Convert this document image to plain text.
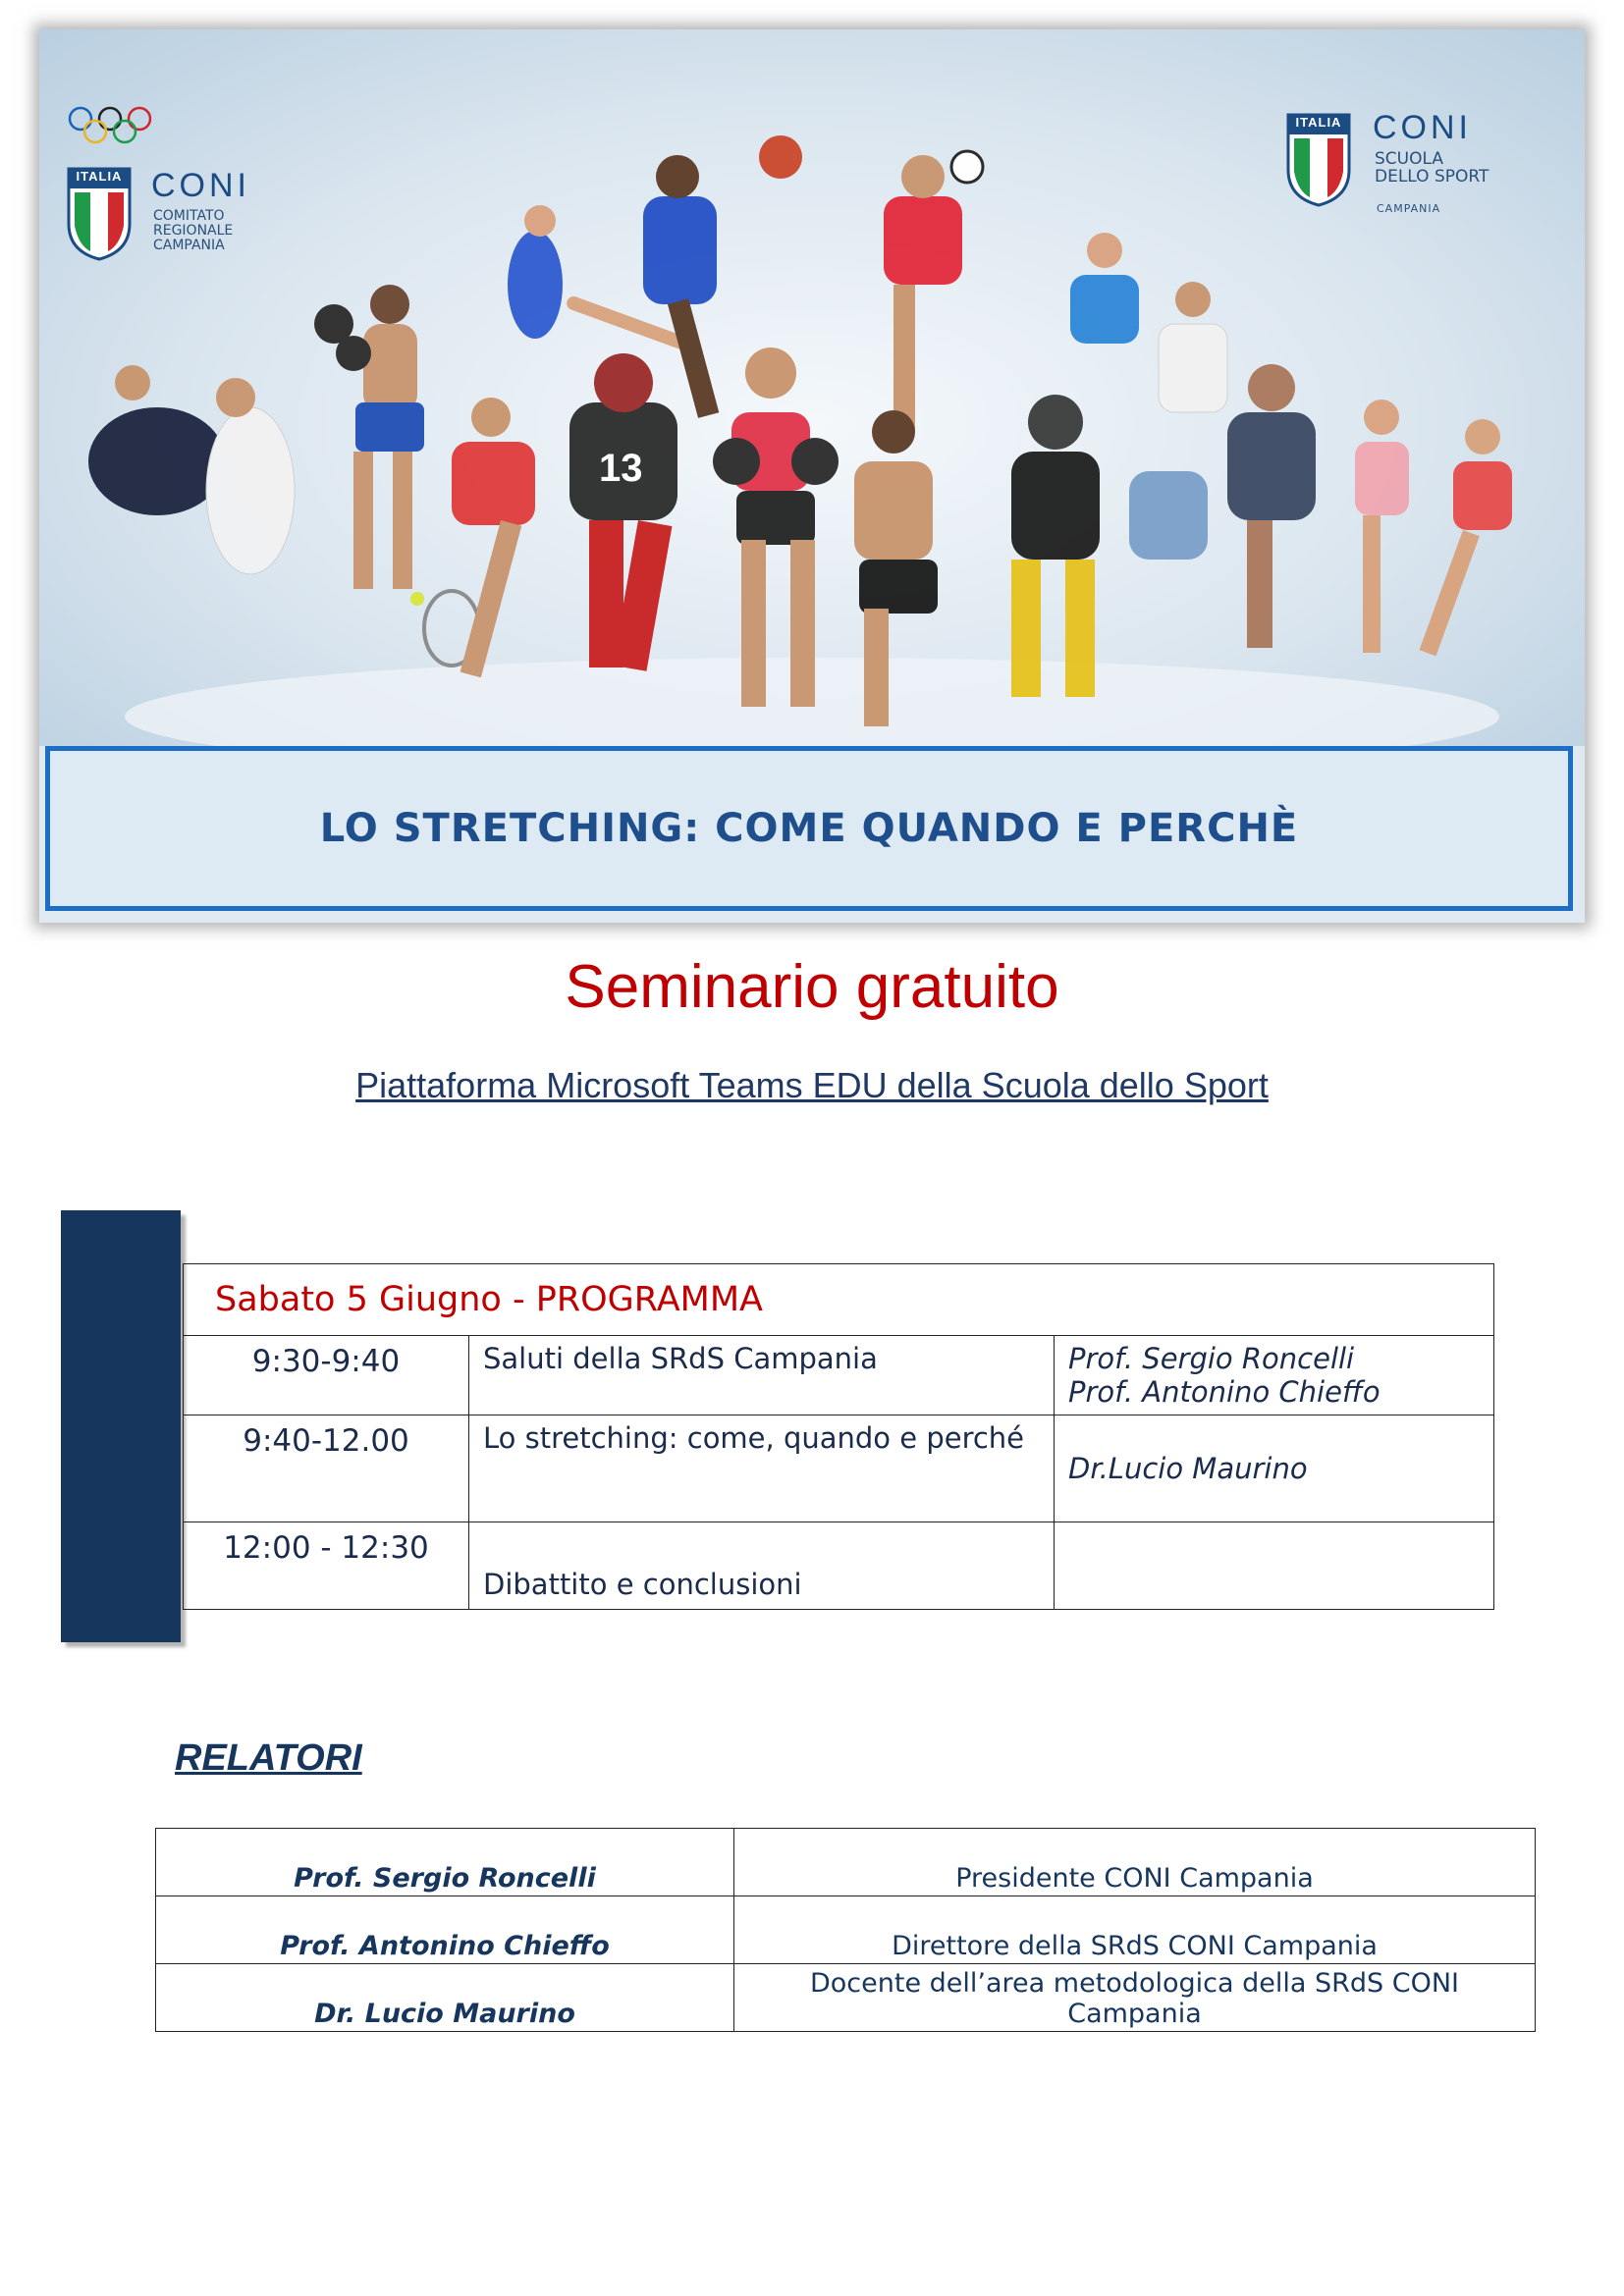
13
ITALIA CONI
COMITATO
REGIONALE
CAMPANIA
ITALIA CONI
SCUOLA
DELLO SPORT
CAMPANIA
LO STRETCHING: COME QUANDO E PERCHÈ
Seminario gratuito
Piattaforma Microsoft Teams EDU della Scuola dello Sport
Sabato 5 Giugno - PROGRAMMA		
9:30-9:40	Saluti della SRdS Campania	Prof. Sergio Roncelli
Prof. Antonino Chieffo

9:40-12.00	Lo stretching: come, quando e perché	Dr.Lucio Maurino

12:00 - 12:30	Dibattito e conclusioni	
RELATORI
Prof. Sergio Roncelli	Presidente CONI Campania

Prof. Antonino Chieffo	Direttore della SRdS CONI Campania

Dr. Lucio Maurino	Docente dell’area metodologica della SRdS CONI
Campania
